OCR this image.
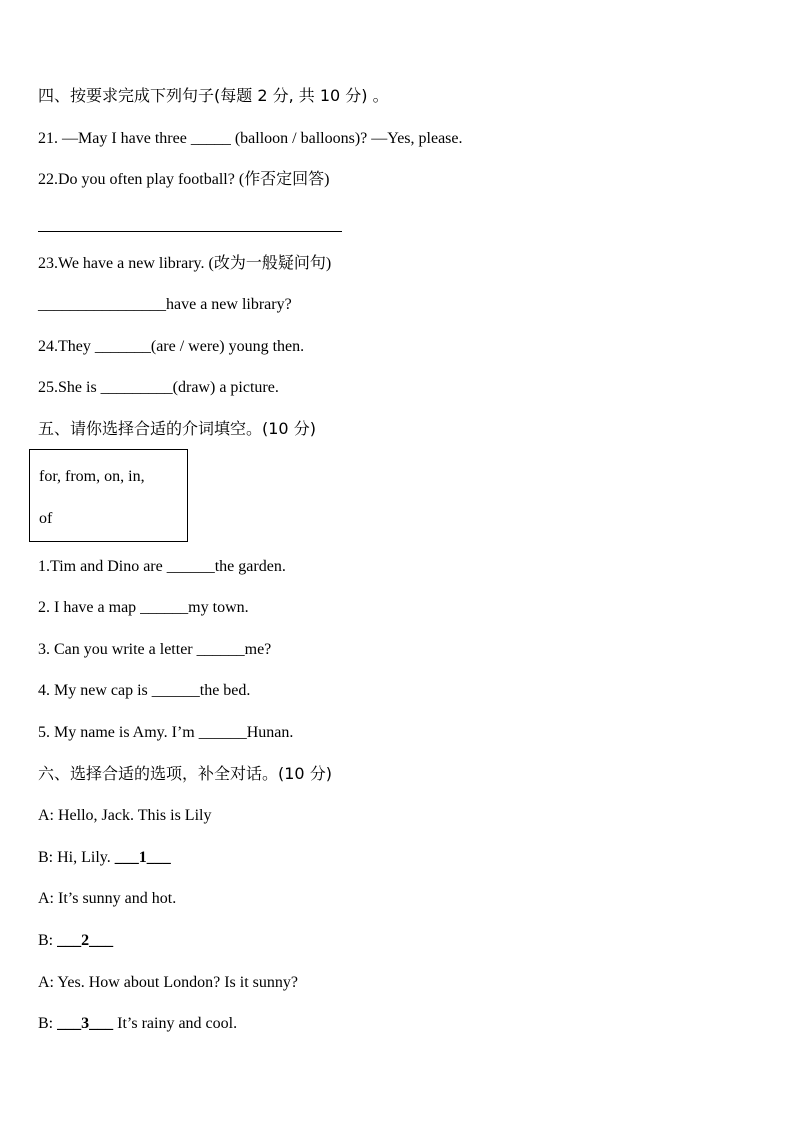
四、按要求完成下列句子(每题 2 分, 共 10 分) 。
21. —May I have three _____ (balloon / balloons)? —Yes, please.
22.Do you often play football? (作否定回答)
23.We have a new library. (改为一般疑问句)
________________have a new library?
24.They _______(are / were) young then.
25.She is _________(draw) a picture.
五、请你选择合适的介词填空。(10 分)
for, from, on, in,
of
1.Tim and Dino are ______the garden.
2. I have a map ______my town.
3. Can you write a letter ______me?
4. My new cap is ______the bed.
5. My name is Amy. I’m ______Hunan.
六、选择合适的选项，补全对话。(10 分)
A: Hello, Jack. This is Lily
B: Hi, Lily. ___1___
A: It’s sunny and hot.
B: ___2___
A: Yes. How about London? Is it sunny?
B: ___3___ It’s rainy and cool.
